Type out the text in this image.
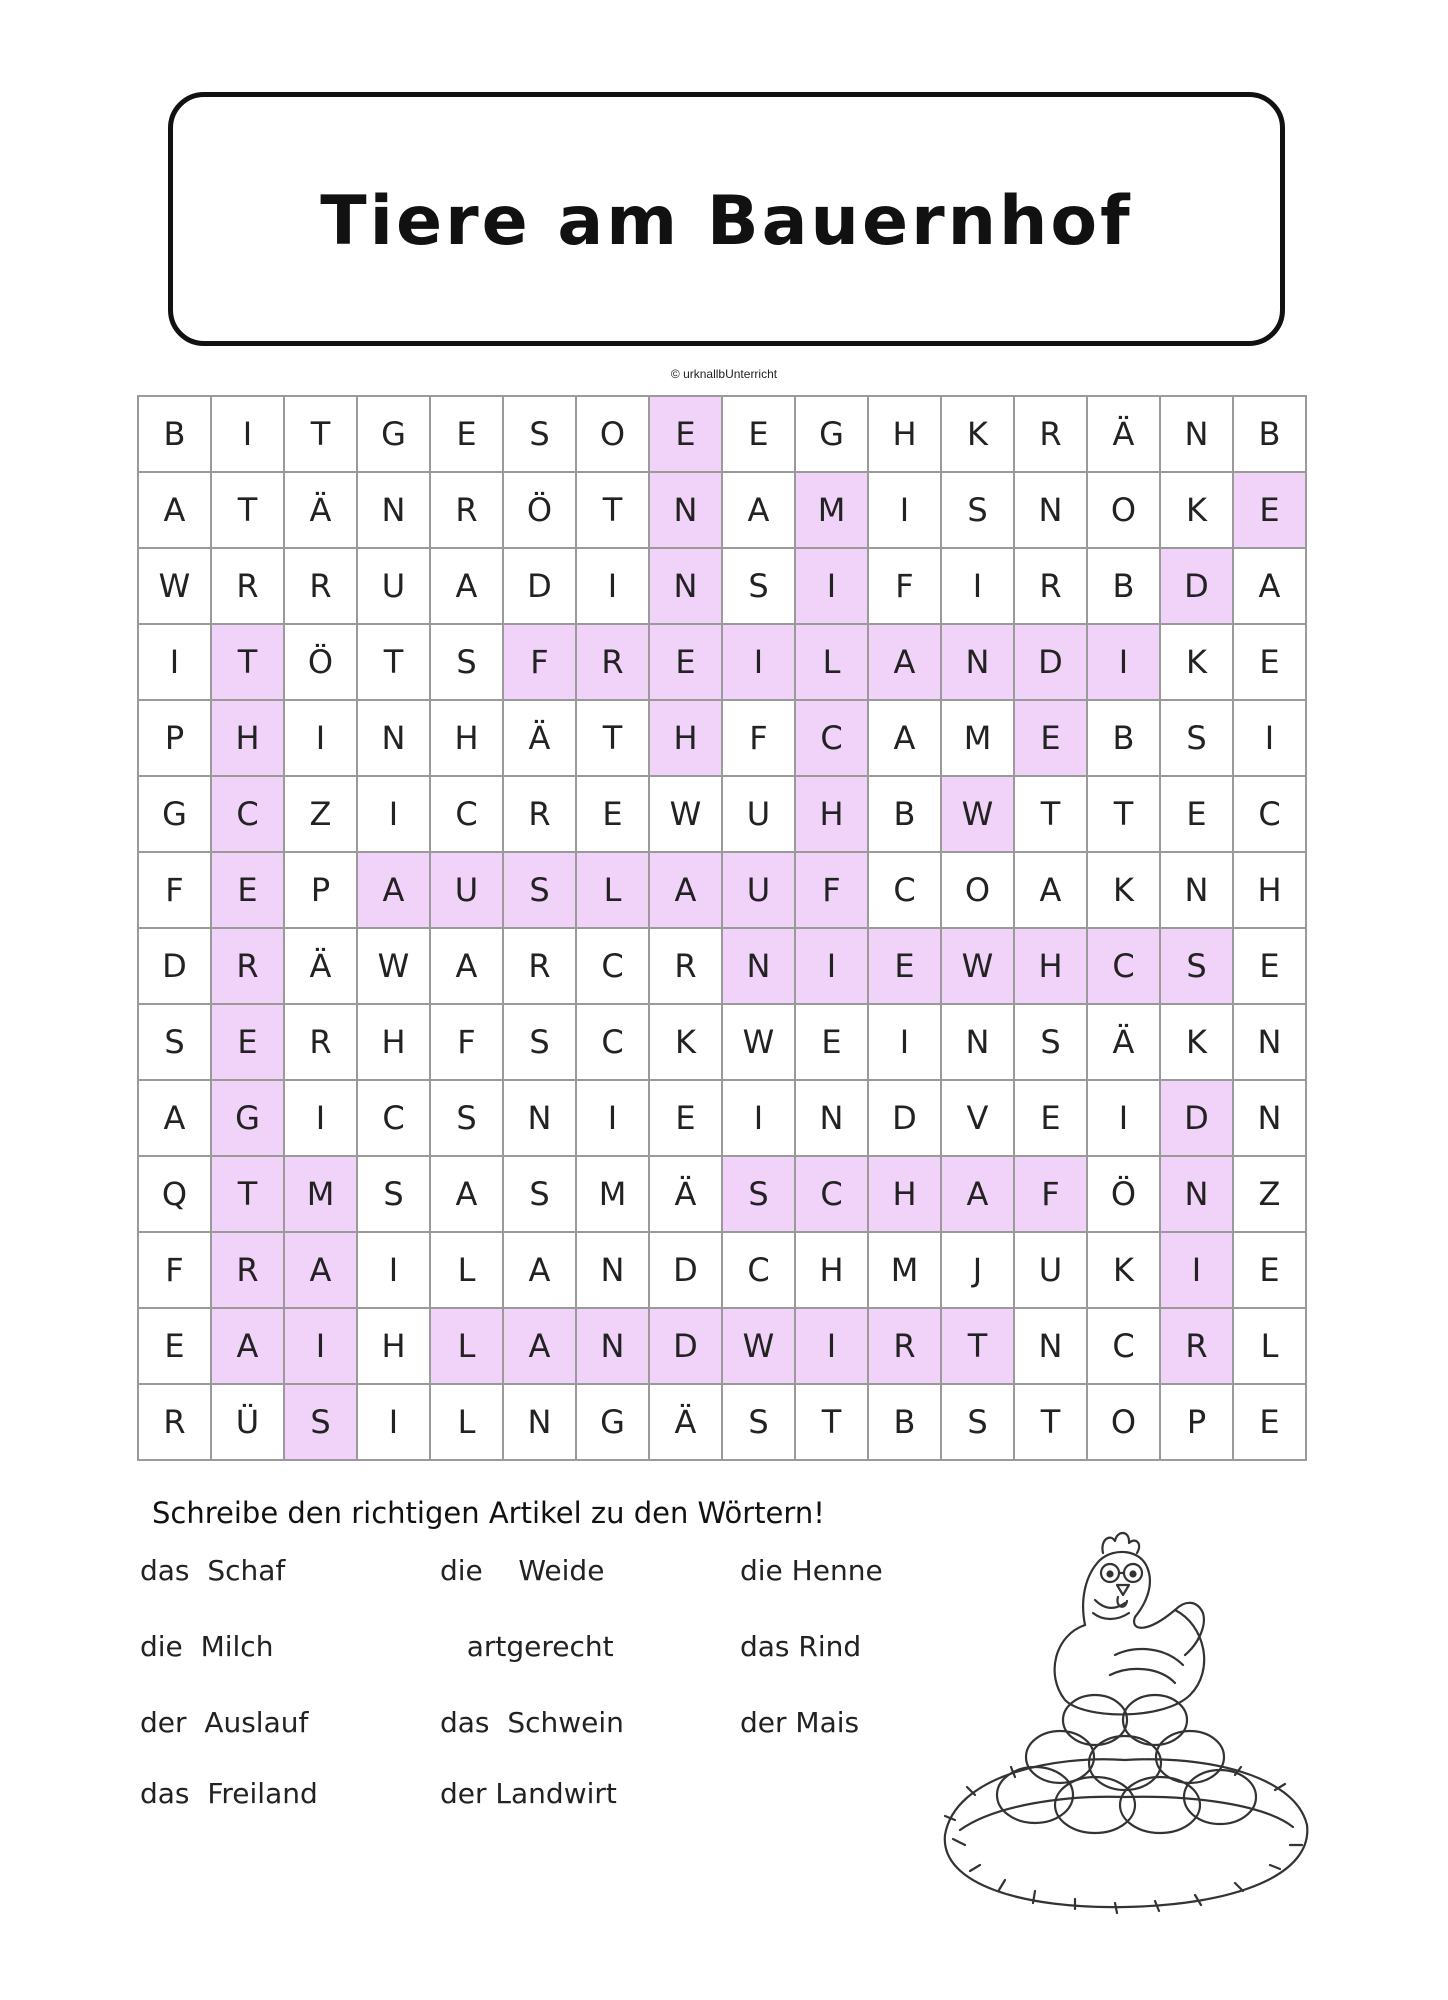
Tiere am Bauernhof
© urknallbUnterricht
B	I	T	G	E	S	O	E	E	G	H	K	R	Ä	N	B
A	T	Ä	N	R	Ö	T	N	A	M	I	S	N	O	K	E
W	R	R	U	A	D	I	N	S	I	F	I	R	B	D	A
I	T	Ö	T	S	F	R	E	I	L	A	N	D	I	K	E
P	H	I	N	H	Ä	T	H	F	C	A	M	E	B	S	I
G	C	Z	I	C	R	E	W	U	H	B	W	T	T	E	C
F	E	P	A	U	S	L	A	U	F	C	O	A	K	N	H
D	R	Ä	W	A	R	C	R	N	I	E	W	H	C	S	E
S	E	R	H	F	S	C	K	W	E	I	N	S	Ä	K	N
A	G	I	C	S	N	I	E	I	N	D	V	E	I	D	N
Q	T	M	S	A	S	M	Ä	S	C	H	A	F	Ö	N	Z
F	R	A	I	L	A	N	D	C	H	M	J	U	K	I	E
E	A	I	H	L	A	N	D	W	I	R	T	N	C	R	L
R	Ü	S	I	L	N	G	Ä	S	T	B	S	T	O	P	E
Schreibe den richtigen Artikel zu den Wörtern!
das  Schaf
die  Milch
der  Auslauf
das  Freiland
die    Weide
artgerecht
das  Schwein
der Landwirt
die Henne
das Rind
der Mais
